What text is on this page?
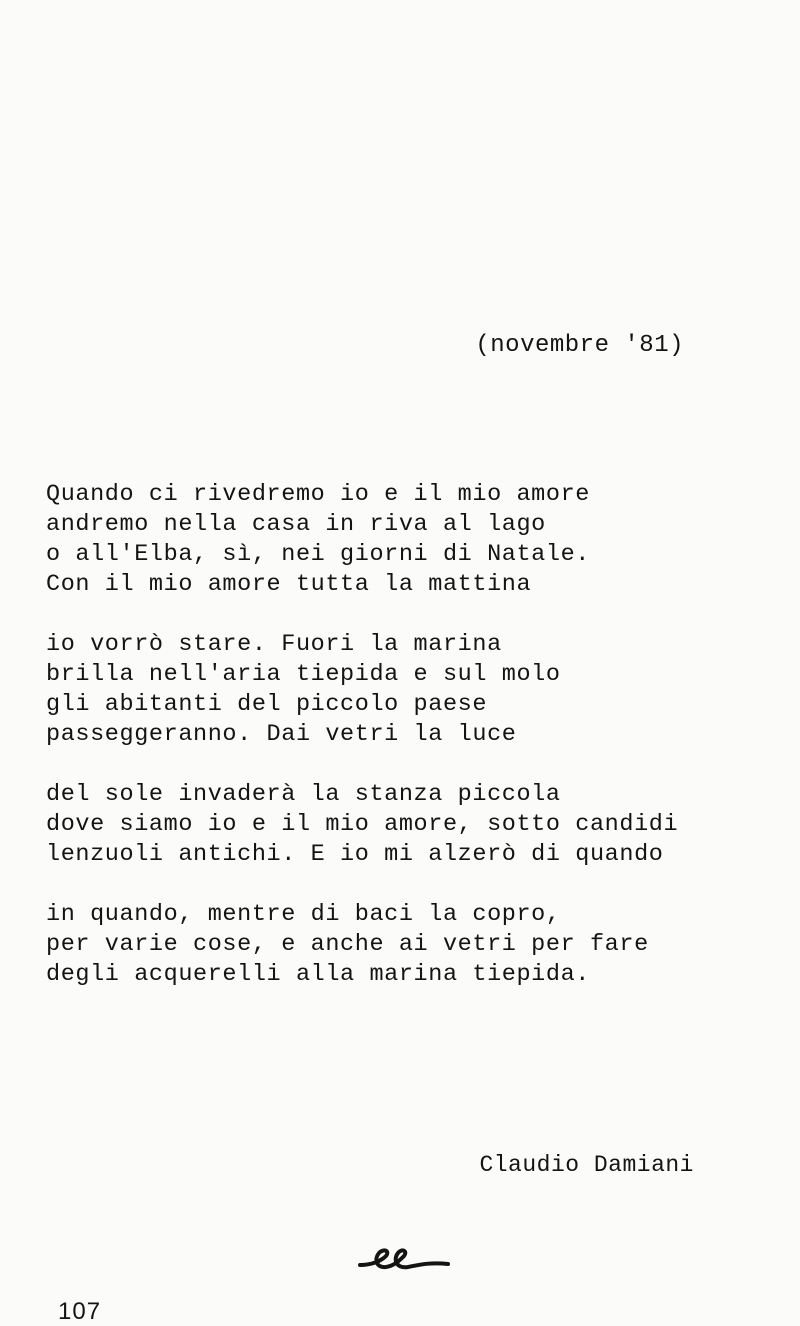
(novembre '81)
Quando ci rivedremo io e il mio amore
andremo nella casa in riva al lago
o all'Elba, sì, nei giorni di Natale.
Con il mio amore tutta la mattina
io vorrò stare. Fuori la marina
brilla nell'aria tiepida e sul molo
gli abitanti del piccolo paese
passeggeranno. Dai vetri la luce
del sole invaderà la stanza piccola
dove siamo io e il mio amore, sotto candidi
lenzuoli antichi. E io mi alzerò di quando
in quando, mentre di baci la copro,
per varie cose, e anche ai vetri per fare
degli acquerelli alla marina tiepida.
Claudio Damiani
107
